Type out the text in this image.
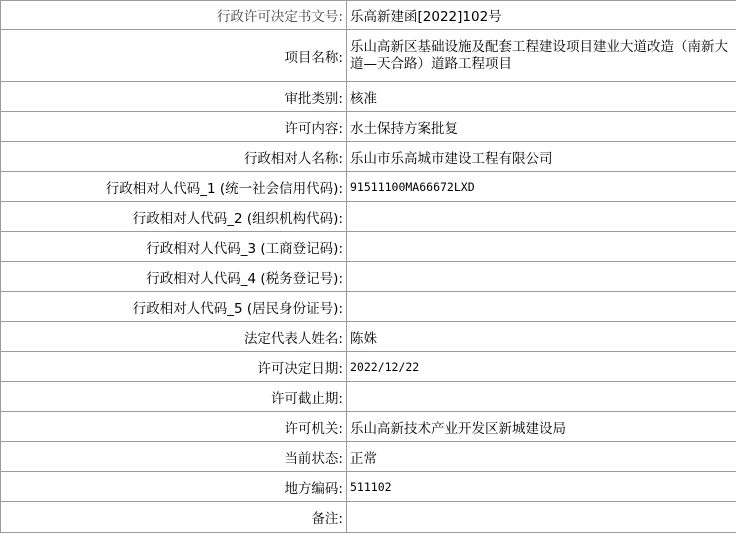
行政许可决定书文号:	乐高新建函[2022]102号
项目名称:	乐山高新区基础设施及配套工程建设项目建业大道改造（南新大道—天合路）道路工程项目
审批类别:	核准
许可内容:	水土保持方案批复
行政相对人名称:	乐山市乐高城市建设工程有限公司
行政相对人代码_1 (统一社会信用代码):	91511100MA66672LXD
行政相对人代码_2 (组织机构代码):	
行政相对人代码_3 (工商登记码):	
行政相对人代码_4 (税务登记号):	
行政相对人代码_5 (居民身份证号):	
法定代表人姓名:	陈姝
许可决定日期:	2022/12/22
许可截止期:	
许可机关:	乐山高新技术产业开发区新城建设局
当前状态:	正常
地方编码:	511102
备注:	
